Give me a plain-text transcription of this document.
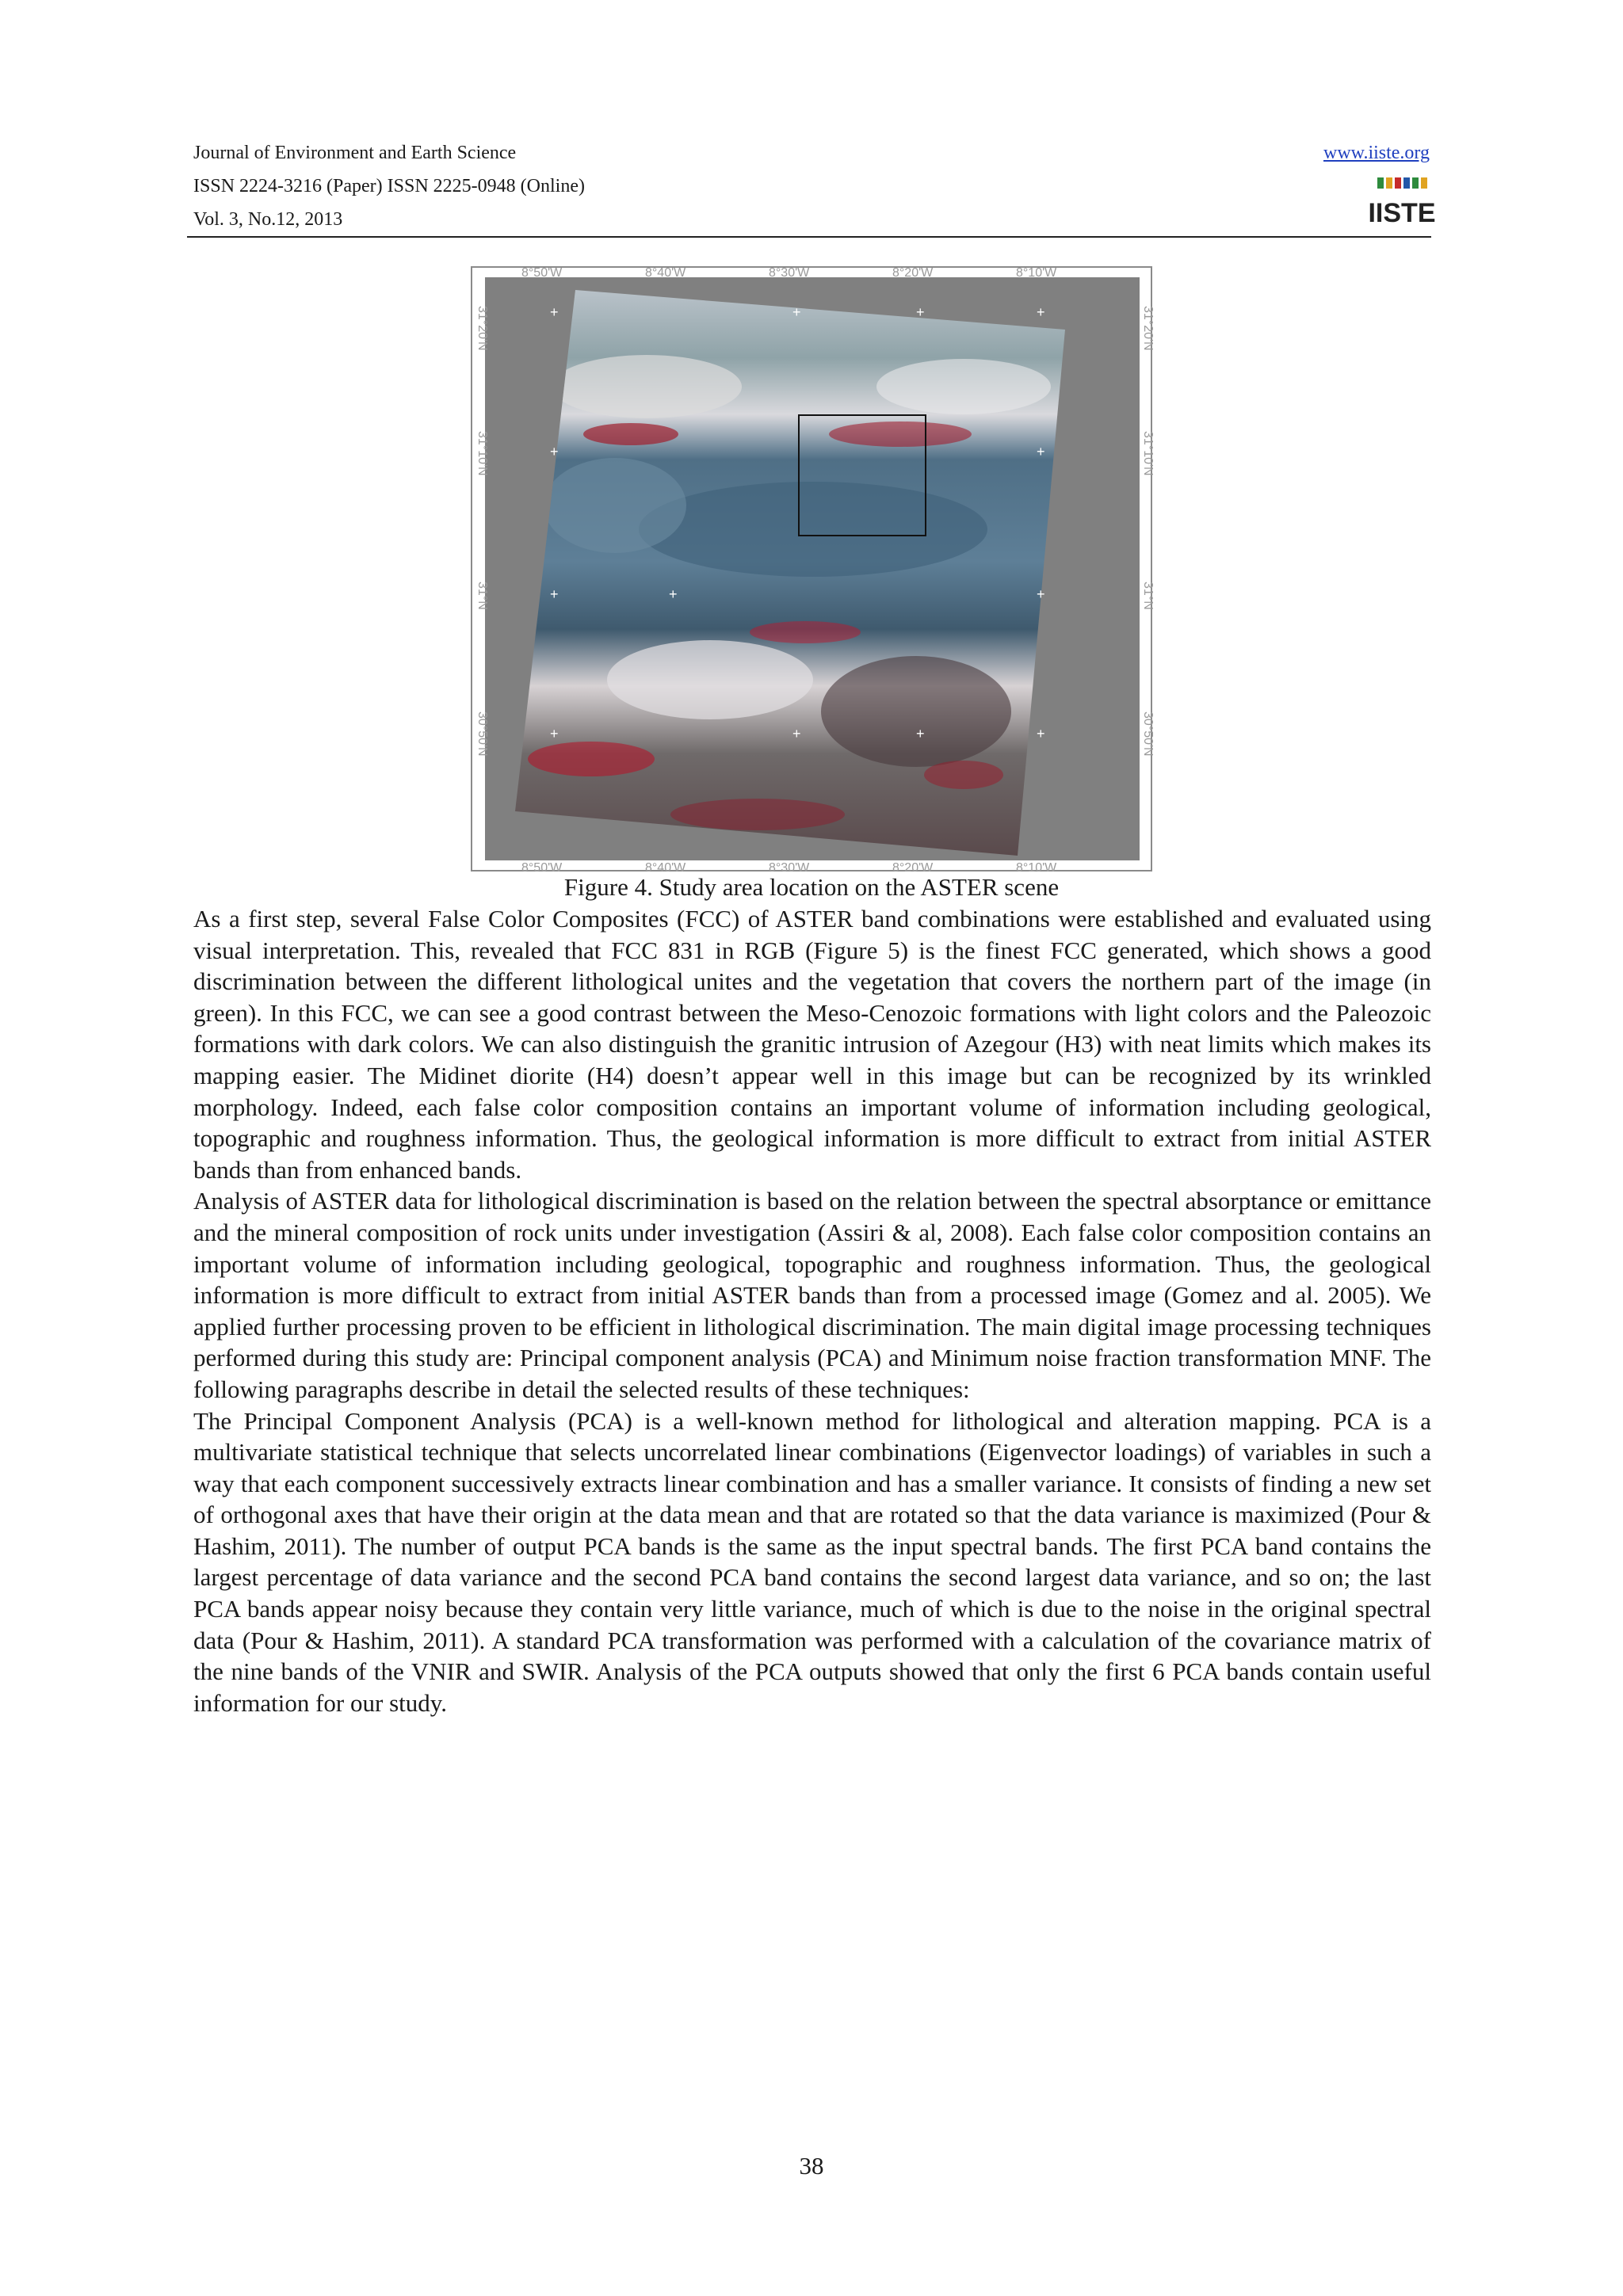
Journal of Environment and Earth Science
ISSN 2224-3216 (Paper) ISSN 2225-0948 (Online)
Vol. 3, No.12, 2013
www.iiste.org
IISTE
+	+	+	+
+	+
+	+	+
+	+	+	+
8°50'W	8°40'W	8°30'W	8°20'W	8°10'W
8°50'W	8°40'W	8°30'W	8°20'W	8°10'W
31°20'N
31°10'N
31°N
30°50'N
31°20'N
31°10'N
31°N
30°50'N
Figure 4. Study area location on the ASTER scene

As a first step, several False Color Composites (FCC) of ASTER band combinations were established and evaluated using visual interpretation. This, revealed that FCC 831 in RGB (Figure 5) is the finest FCC generated, which shows a good discrimination between the different lithological unites and the vegetation that covers the northern part of the image (in green). In this FCC, we can see a good contrast between the Meso-Cenozoic formations with light colors and the Paleozoic formations with dark colors. We can also distinguish the granitic intrusion of Azegour (H3) with neat limits which makes its mapping easier. The Midinet diorite (H4) doesn’t appear well in this image but can be recognized by its wrinkled morphology. Indeed, each false color composition contains an important volume of information including geological, topographic and roughness information. Thus, the geological information is more difficult to extract from initial ASTER bands than from enhanced bands.

Analysis of ASTER data for lithological discrimination is based on the relation between the spectral absorptance or emittance and the mineral composition of rock units under investigation (Assiri & al, 2008). Each false color composition contains an important volume of information including geological, topographic and roughness information. Thus, the geological information is more difficult to extract from initial ASTER bands than from a processed image (Gomez and al. 2005). We applied further processing proven to be efficient in lithological discrimination. The main digital image processing techniques performed during this study are: Principal component analysis (PCA) and Minimum noise fraction transformation MNF. The following paragraphs describe in detail the selected results of these techniques:

The Principal Component Analysis (PCA) is a well-known method for lithological and alteration mapping. PCA is a multivariate statistical technique that selects uncorrelated linear combinations (Eigenvector loadings) of variables in such a way that each component successively extracts linear combination and has a smaller variance. It consists of finding a new set of orthogonal axes that have their origin at the data mean and that are rotated so that the data variance is maximized (Pour & Hashim, 2011). The number of output PCA bands is the same as the input spectral bands. The first PCA band contains the largest percentage of data variance and the second PCA band contains the second largest data variance, and so on; the last PCA bands appear noisy because they contain very little variance, much of which is due to the noise in the original spectral data (Pour & Hashim, 2011). A standard PCA transformation was performed with a calculation of the covariance matrix of the nine bands of the VNIR and SWIR. Analysis of the PCA outputs showed that only the first 6 PCA bands contain useful information for our study.

38
